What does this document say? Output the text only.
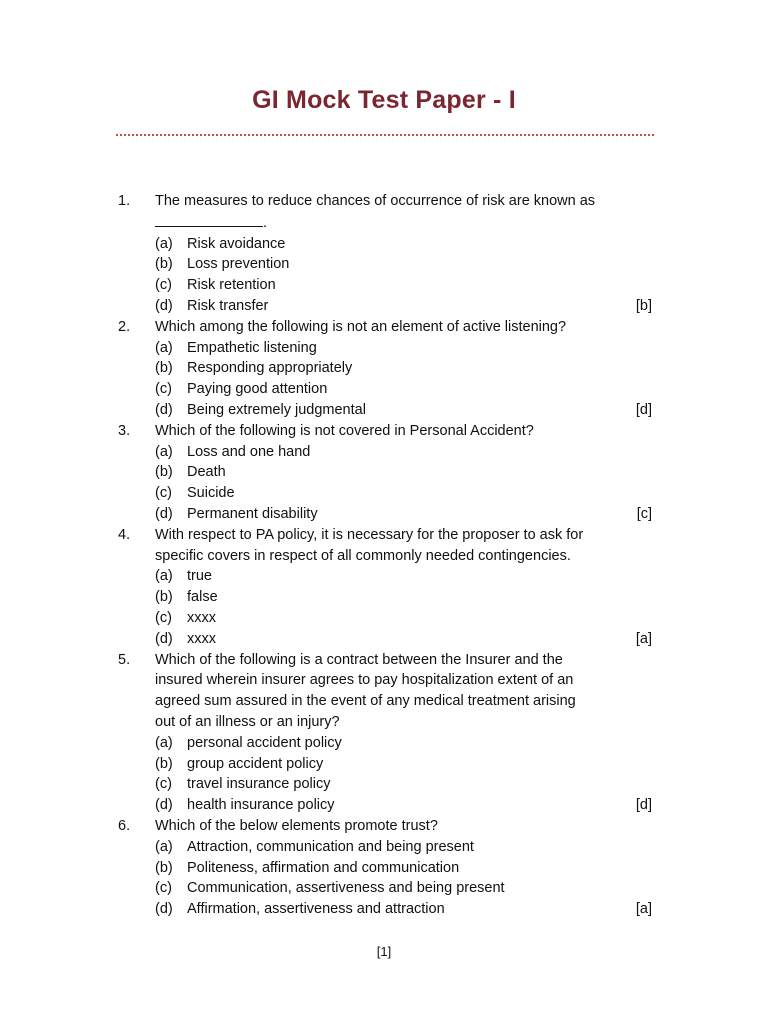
GI Mock Test Paper - I
1.	The measures to reduce chances of occurrence of risk are known as
.
(a) Risk avoidance
(b) Loss prevention
(c)	Risk retention
(d) Risk transfer	[b]
2.	Which among the following is not an element of active listening?
(a) Empathetic listening
(b) Responding appropriately
(c)	Paying good attention
(d) Being extremely judgmental	[d]
3.	Which of the following is not covered in Personal Accident?
(a) Loss and one hand
(b) Death
(c)	Suicide
(d) Permanent disability	[c]
4.	With respect to PA policy, it is necessary for the proposer to ask for
specific covers in respect of all commonly needed contingencies.
(a) true
(b) false
(c)	xxxx
(d) xxxx	[a]
5.	Which of the following is a contract between the Insurer and the
insured wherein insurer agrees to pay hospitalization extent of an
agreed sum assured in the event of any medical treatment arising
out of an illness or an injury?
(a) personal accident policy
(b) group accident policy
(c)	travel insurance policy
(d) health insurance policy	[d]
6.	Which of the below elements promote trust?
(a) Attraction, communication and being present
(b) Politeness, affirmation and communication
(c)	Communication, assertiveness and being present
(d) Affirmation, assertiveness and attraction	[a]
[1]
